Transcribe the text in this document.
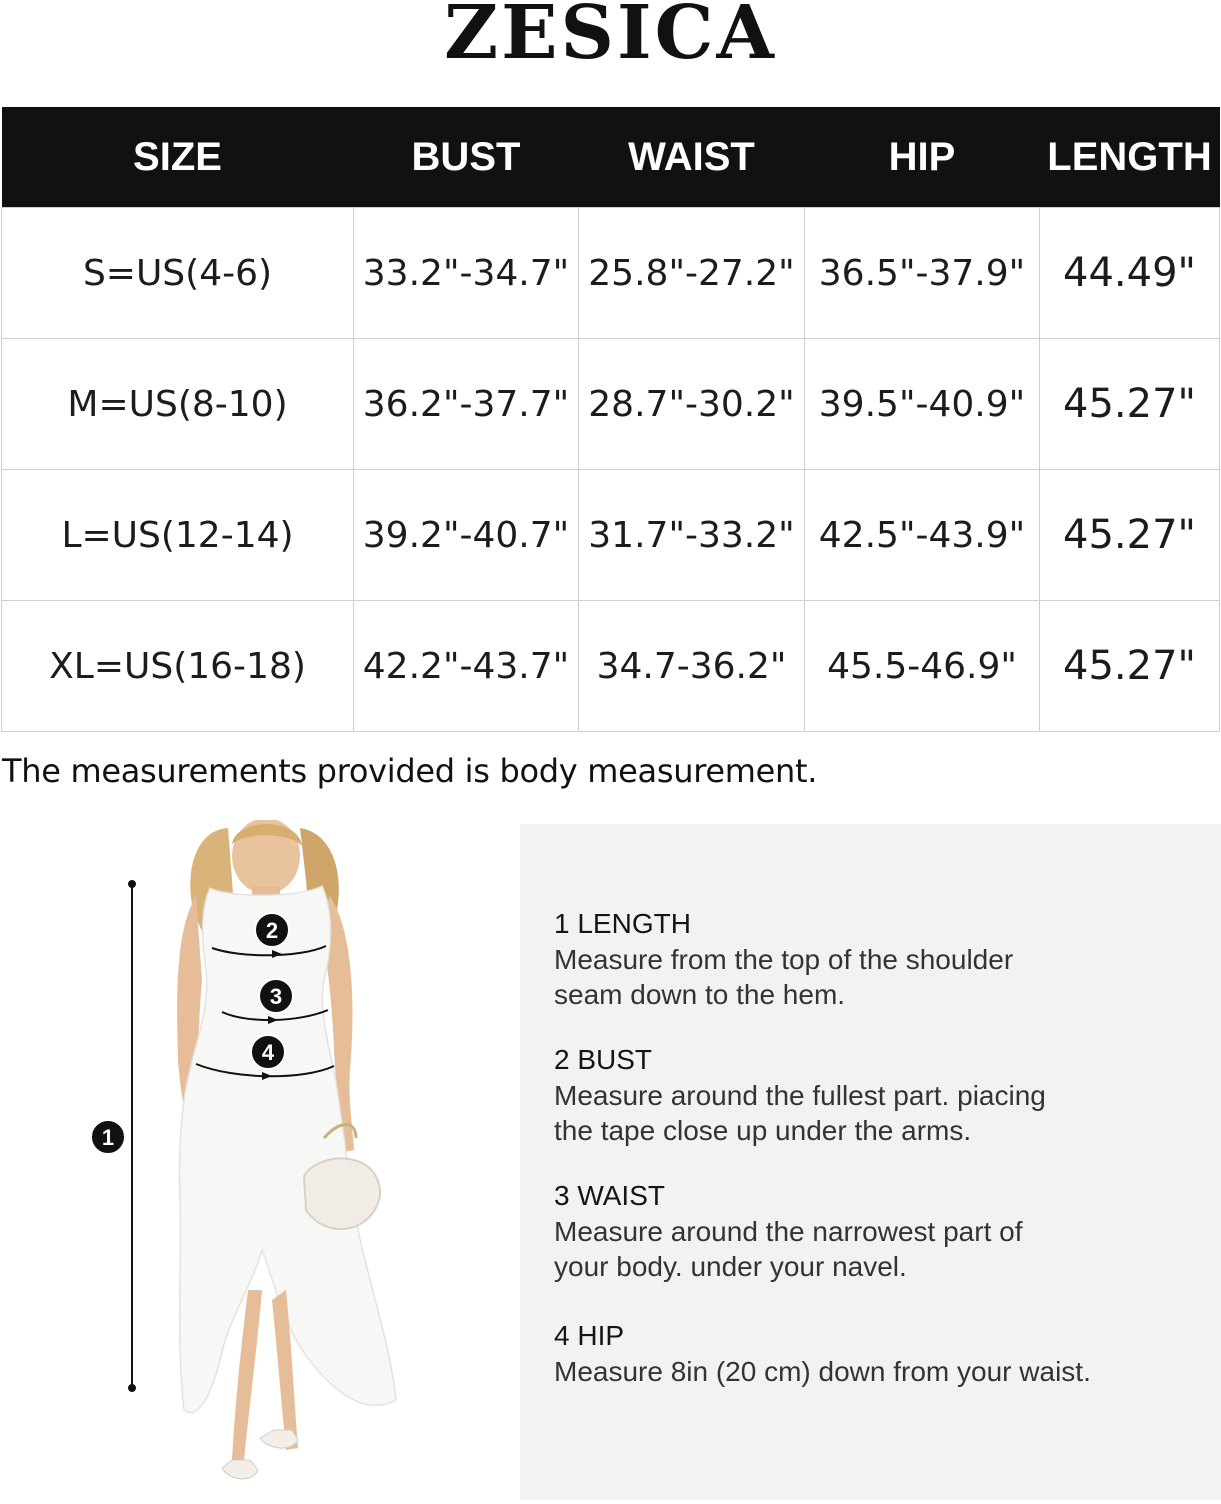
ZESICA
SIZE	BUST	WAIST	HIP	LENGTH
S=US(4-6)	33.2"-34.7"	25.8"-27.2"	36.5"-37.9"	44.49"
M=US(8-10)	36.2"-37.7"	28.7"-30.2"	39.5"-40.9"	45.27"
L=US(12-14)	39.2"-40.7"	31.7"-33.2"	42.5"-43.9"	45.27"
XL=US(16-18)	42.2"-43.7"	34.7-36.2"	45.5-46.9"	45.27"
The measurements provided is body measurement.
2
3
4
1
1 LENGTH
Measure from the top of the shoulder
seam down to the hem.
2 BUST
Measure around the fullest part. piacing
the tape close up under the arms.
3 WAIST
Measure around the narrowest part of
your body. under your navel.
4 HIP
Measure 8in (20 cm) down from your waist.
